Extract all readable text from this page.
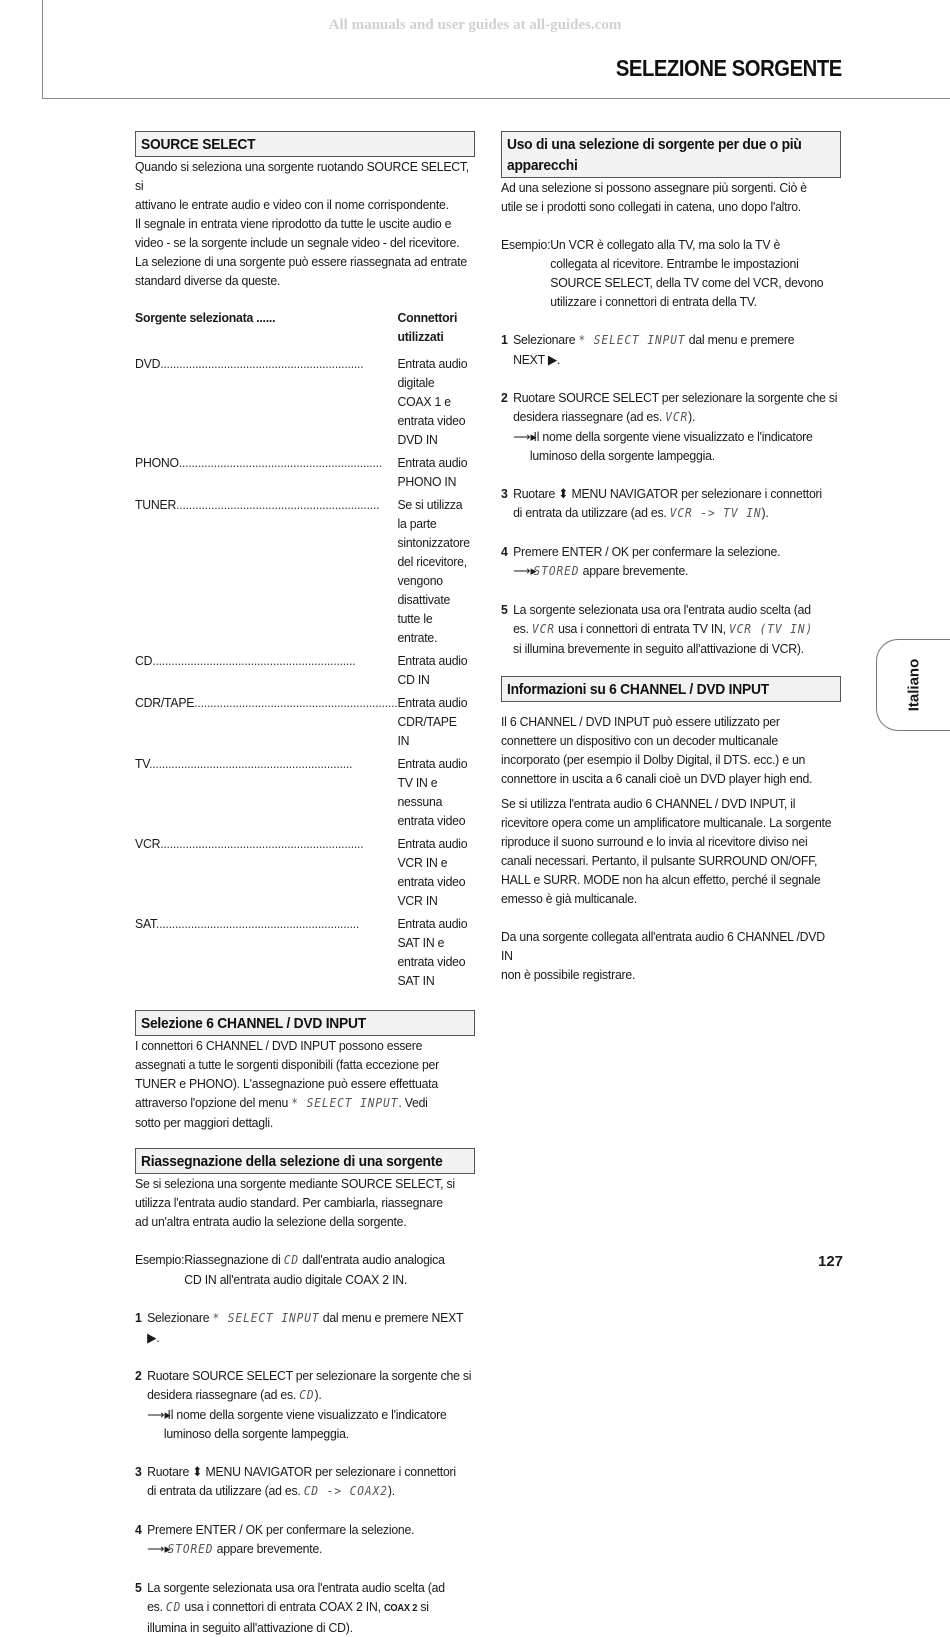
All manuals and user guides at all-guides.com
SELEZIONE SORGENTE
SOURCE SELECT
Quando si seleziona una sorgente ruotando SOURCE SELECT, si
attivano le entrate audio e video con il nome corrispondente.
Il segnale in entrata viene riprodotto da tutte le uscite audio e
video - se la sorgente include un segnale video - del ricevitore.
La selezione di una sorgente può essere riassegnata ad entrate
standard diverse da queste.
Sorgente selezionata ......	Connettori utilizzati
DVD .....	Entrata audio digitale COAX 1 e
entrata video DVD IN

PHONO .....	Entrata audio PHONO IN

TUNER .....	Se si utilizza la parte sintonizzatore
del ricevitore, vengono disattivate
tutte le entrate.

CD .....	Entrata audio CD IN

CDR/TAPE .....	Entrata audio CDR/TAPE IN

TV .....	Entrata audio TV IN e
nessuna entrata video

VCR .....	Entrata audio VCR IN e
entrata video VCR IN

SAT .....	Entrata audio SAT IN e
entrata video SAT IN
Selezione 6 CHANNEL / DVD INPUT
I connettori 6 CHANNEL / DVD INPUT possono essere
assegnati a tutte le sorgenti disponibili (fatta eccezione per
TUNER e PHONO). L'assegnazione può essere effettuata
attraverso l'opzione del menu * SELECT INPUT. Vedi
sotto per maggiori dettagli.
Riassegnazione della selezione di una sorgente
Se si seleziona una sorgente mediante SOURCE SELECT, si
utilizza l'entrata audio standard. Per cambiarla, riassegnare
ad un'altra entrata audio la selezione della sorgente.
Esempio: Riassegnazione di CD dall'entrata audio analogica
CD IN all'entrata audio digitale COAX 2 IN.
1 Selezionare * SELECT INPUT dal menu e premere NEXT ▶.
2 Ruotare SOURCE SELECT per selezionare la sorgente che si
desidera riassegnare (ad es. CD).
⟶▸Il nome della sorgente viene visualizzato e l'indicatore
luminoso della sorgente lampeggia.
3 Ruotare ⬍ MENU NAVIGATOR per selezionare i connettori
di entrata da utilizzare (ad es. CD -> COAX2).
4 Premere ENTER / OK per confermare la selezione.
⟶▸STORED appare brevemente.
5 La sorgente selezionata usa ora l'entrata audio scelta (ad
es. CD usa i connettori di entrata COAX 2 IN, COAX 2 si
illumina in seguito all'attivazione di CD).
Uso di una selezione di sorgente per due o più apparecchi
Ad una selezione si possono assegnare più sorgenti. Ciò è
utile se i prodotti sono collegati in catena, uno dopo l'altro.
Esempio: Un VCR è collegato alla TV, ma solo la TV è
collegata al ricevitore. Entrambe le impostazioni
SOURCE SELECT, della TV come del VCR, devono
utilizzare i connettori di entrata della TV.
1 Selezionare * SELECT INPUT dal menu e premere
NEXT ▶.
2 Ruotare SOURCE SELECT per selezionare la sorgente che si
desidera riassegnare (ad es. VCR).
⟶▸Il nome della sorgente viene visualizzato e l'indicatore
luminoso della sorgente lampeggia.
3 Ruotare ⬍ MENU NAVIGATOR per selezionare i connettori
di entrata da utilizzare (ad es. VCR -> TV IN).
4 Premere ENTER / OK per confermare la selezione.
⟶▸STORED appare brevemente.
5 La sorgente selezionata usa ora l'entrata audio scelta (ad
es. VCR usa i connettori di entrata TV IN, VCR (TV IN)
si illumina brevemente in seguito all'attivazione di VCR).
Informazioni su 6 CHANNEL / DVD INPUT
Il 6 CHANNEL / DVD INPUT può essere utilizzato per
connettere un dispositivo con un decoder multicanale
incorporato (per esempio il Dolby Digital, il DTS. ecc.) e un
connettore in uscita a 6 canali cioè un DVD player high end.
Se si utilizza l'entrata audio 6 CHANNEL / DVD INPUT, il
ricevitore opera come un amplificatore multicanale. La sorgente
riproduce il suono surround e lo invia al ricevitore diviso nei
canali necessari. Pertanto, il pulsante SURROUND ON/OFF,
HALL e SURR. MODE non ha alcun effetto, perché il segnale
emesso è già multicanale.
Da una sorgente collegata all'entrata audio 6 CHANNEL /DVD IN
non è possibile registrare.
Italiano
127
